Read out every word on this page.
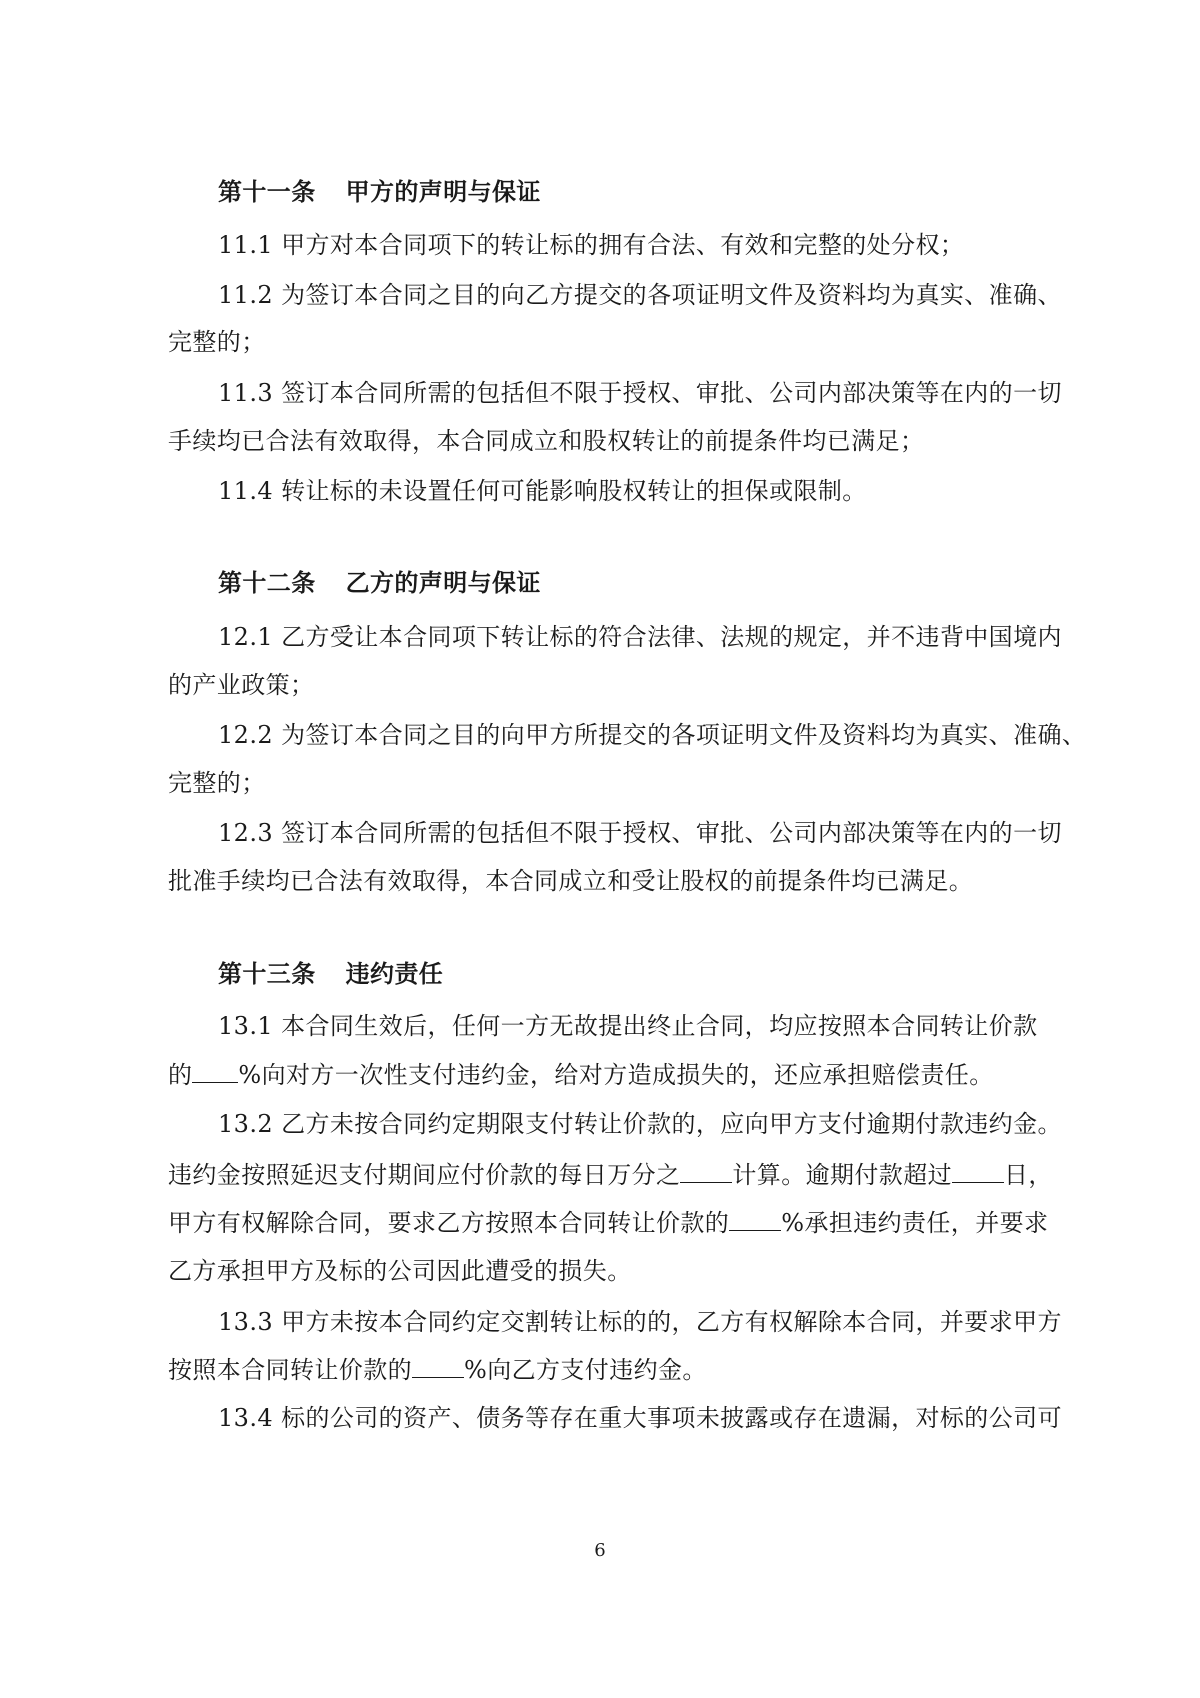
第十一条 甲方的声明与保证
11.1 甲方对本合同项下的转让标的拥有合法、有效和完整的处分权；
11.2 为签订本合同之目的向乙方提交的各项证明文件及资料均为真实、准确、
完整的；
11.3 签订本合同所需的包括但不限于授权、审批、公司内部决策等在内的一切
手续均已合法有效取得，本合同成立和股权转让的前提条件均已满足；
11.4 转让标的未设置任何可能影响股权转让的担保或限制。
第十二条 乙方的声明与保证
12.1 乙方受让本合同项下转让标的符合法律、法规的规定，并不违背中国境内
的产业政策；
12.2 为签订本合同之目的向甲方所提交的各项证明文件及资料均为真实、准确、
完整的；
12.3 签订本合同所需的包括但不限于授权、审批、公司内部决策等在内的一切
批准手续均已合法有效取得，本合同成立和受让股权的前提条件均已满足。
第十三条 违约责任
13.1 本合同生效后，任何一方无故提出终止合同，均应按照本合同转让价款
的 %向对方一次性支付违约金，给对方造成损失的，还应承担赔偿责任。
13.2 乙方未按合同约定期限支付转让价款的，应向甲方支付逾期付款违约金。
违约金按照延迟支付期间应付价款的每日万分之 计算。逾期付款超过 日，
甲方有权解除合同，要求乙方按照本合同转让价款的 %承担违约责任，并要求
乙方承担甲方及标的公司因此遭受的损失。
13.3 甲方未按本合同约定交割转让标的的，乙方有权解除本合同，并要求甲方
按照本合同转让价款的 %向乙方支付违约金。
13.4 标的公司的资产、债务等存在重大事项未披露或存在遗漏，对标的公司可
6
